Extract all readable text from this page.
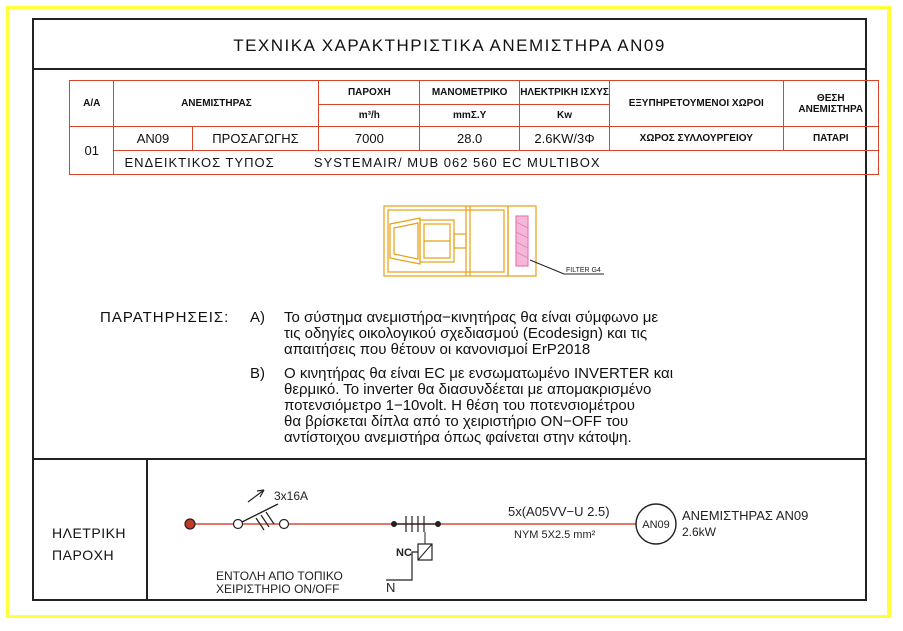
ΤΕΧΝΙΚΑ ΧΑΡΑΚΤΗΡΙΣΤΙΚΑ ΑΝΕΜΙΣΤΗΡΑ ΑΝ09
Α/Α	ΑΝΕΜΙΣΤΗΡΑΣ		ΠΑΡΟΧΗ	ΜΑΝΟΜΕΤΡΙΚΟ	ΗΛΕΚΤΡΙΚΗ ΙΣΧΥΣ	ΕΞΥΠΗΡΕΤΟΥΜΕΝΟΙ ΧΩΡΟΙ	ΘΕΣΗ ΑΝΕΜΙΣΤΗΡΑ
			m³/h	mmΣ.Υ	Kw		
01	ΑΝ09	ΠΡΟΣΑΓΩΓΗΣ	7000	28.0	2.6KW/3Φ	ΧΩΡΟΣ ΣΥΛΛΟΥΡΓΕΙΟΥ	ΠΑΤΑΡΙ
	ΕΝΔΕΙΚΤΙΚΟΣ ΤΥΠΟΣ SYSTEMAIR/ MUB 062 560 EC MULTIBOX						
FILTER G4
ΠΑΡΑΤΗΡΗΣΕΙΣ: Α) Το σύστημα ανεμιστήρα−κινητήρας θα είναι σύμφωνο με
τις οδηγίες οικολογικού σχεδιασμού (Ecodesign) και τις
απαιτήσεις που θέτουν οι κανονισμοί ErP2018
Β) Ο κινητήρας θα είναι EC με ενσωματωμένο INVERTER και
θερμικό. Το inverter θα διασυνδέεται με απομακρισμένο
ποτενσιόμετρο 1−10volt. Η θέση του ποτενσιομέτρου
θα βρίσκεται δίπλα από το χειριστήριο ΟΝ−OFF του
αντίστοιχου ανεμιστήρα όπως φαίνεται στην κάτοψη.
ΗΛΕΤΡΙΚΗ
ΠΑΡΟΧΗ
3x16A
NC
N
ΕΝΤΟΛΗ ΑΠΟ ΤΟΠΙΚΟ
ΧΕΙΡΙΣΤΗΡΙΟ ON/OFF
5x(A05VV−U 2.5)
NYM 5X2.5 mm²
ΑΝ09
ΑΝΕΜΙΣΤΗΡΑΣ ΑΝ09
2.6kW
